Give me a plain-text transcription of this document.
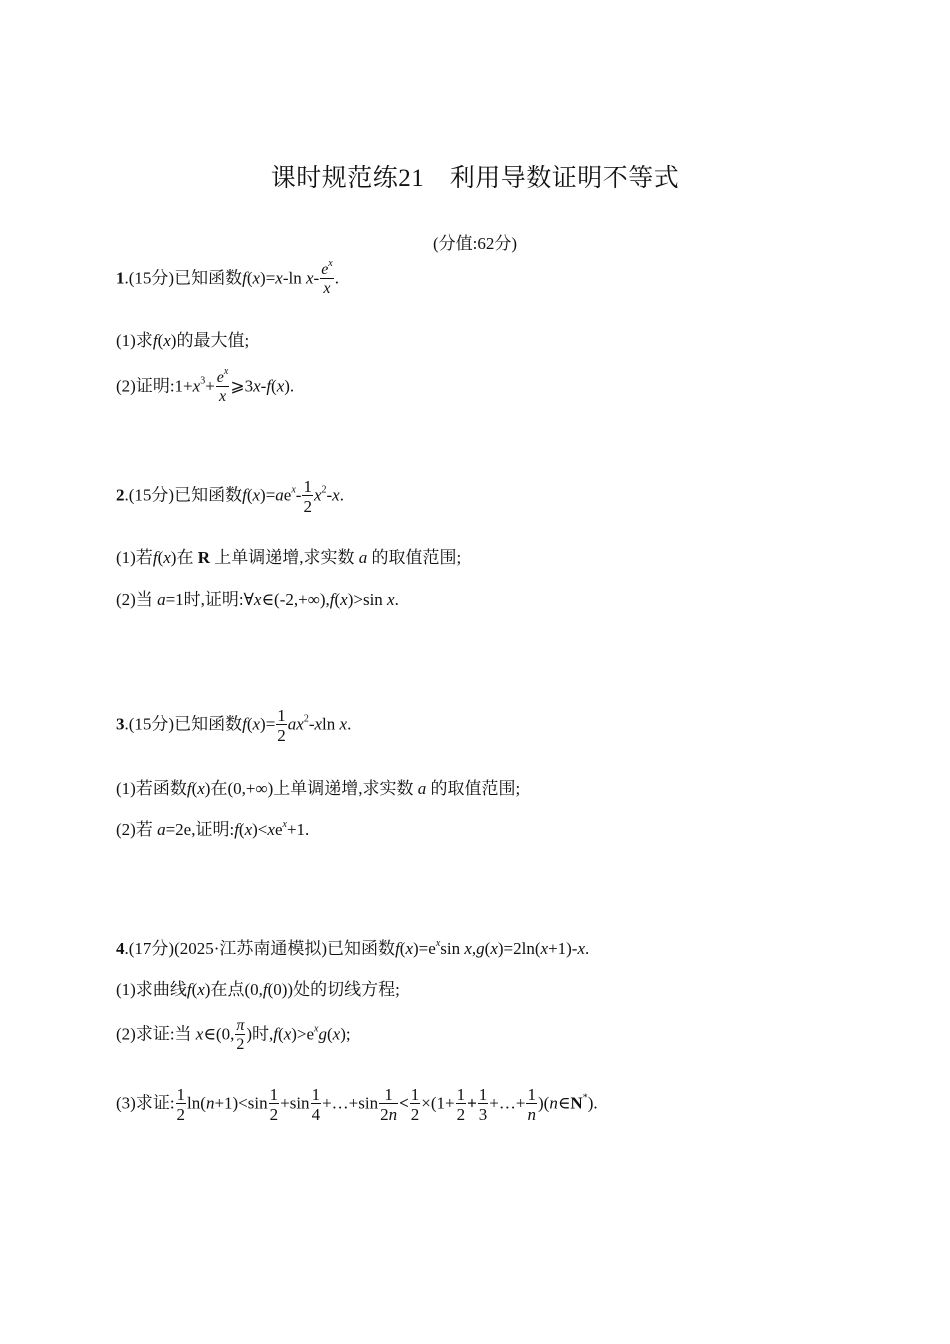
课时规范练21　利用导数证明不等式
(分值:62分)
1.(15分)已知函数f(x)=x-ln $x- \frac{e^x}{x}$ .
(1)求f(x)的最大值;
(2)证明$:1+x^3+ \frac{e^x}{x}$ ⩾3x-f(x).
2.(15分)已知函数$f(x)=ae^x- \frac{1}{2} x^2-x$.
(1)若f(x)在 R 上单调递增,求实数 a 的取值范围;
(2)当 a=1时,证明:∀x∈(-2,+∞),f(x)>sin x.
3.(15分)已知函数$f(x)= \frac{1}{2} ax^2-xln$ x.
(1)若函数f(x)在(0,+∞)上单调递增,求实数 a 的取值范围;
(2)若 a=2e,证明$:f(x)<xe^x+1$.
4.(17分)(2025·江苏南通模拟)已知函数$f(x)=e^x\sin$ x,g(x)=2ln(x+1)-x.
(1)求曲线f(x)在点(0,f(0))处的切线方程;
(2)求证:当 x∈(0, $\frac{\pi}{2}$ )时$,f(x)>e^xg(x)$;
(3)求证: $\frac{1}{2} \ln(n+1)<\sin \frac{1}{2} +\sin \frac{1}{4}$ +…+sin $\frac{1}{2n} < \frac{1}{2} \times(1+ \frac{1}{2} + \frac{1}{3}$ +…+ $\frac{1}{n}$ )(n∈N*).
